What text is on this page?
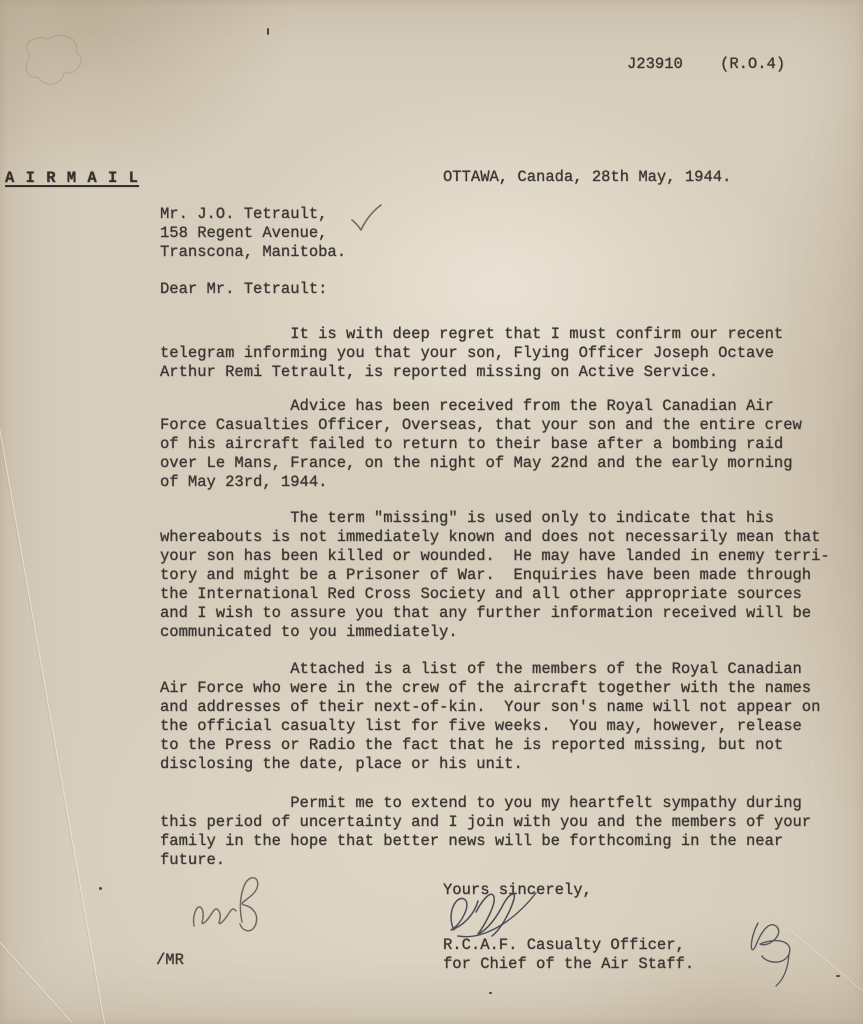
J23910    (R.O.4)
A I R M A I L	OTTAWA, Canada, 28th May, 1944.
Mr. J.O. Tetrault,
158 Regent Avenue,
Transcona, Manitoba.
Dear Mr. Tetrault:
It is with deep regret that I must confirm our recent
telegram informing you that your son, Flying Officer Joseph Octave
Arthur Remi Tetrault, is reported missing on Active Service.
Advice has been received from the Royal Canadian Air
Force Casualties Officer, Overseas, that your son and the entire crew
of his aircraft failed to return to their base after a bombing raid
over Le Mans, France, on the night of May 22nd and the early morning
of May 23rd, 1944.
The term "missing" is used only to indicate that his
whereabouts is not immediately known and does not necessarily mean that
your son has been killed or wounded.  He may have landed in enemy terri-
tory and might be a Prisoner of War.  Enquiries have been made through
the International Red Cross Society and all other appropriate sources
and I wish to assure you that any further information received will be
communicated to you immediately.
Attached is a list of the members of the Royal Canadian
Air Force who were in the crew of the aircraft together with the names
and addresses of their next-of-kin.  Your son's name will not appear on
the official casualty list for five weeks.  You may, however, release
to the Press or Radio the fact that he is reported missing, but not
disclosing the date, place or his unit.
Permit me to extend to you my heartfelt sympathy during
this period of uncertainty and I join with you and the members of your
family in the hope that better news will be forthcoming in the near
future.
Yours sincerely,
R.C.A.F. Casualty Officer,
for Chief of the Air Staff.
/MR
